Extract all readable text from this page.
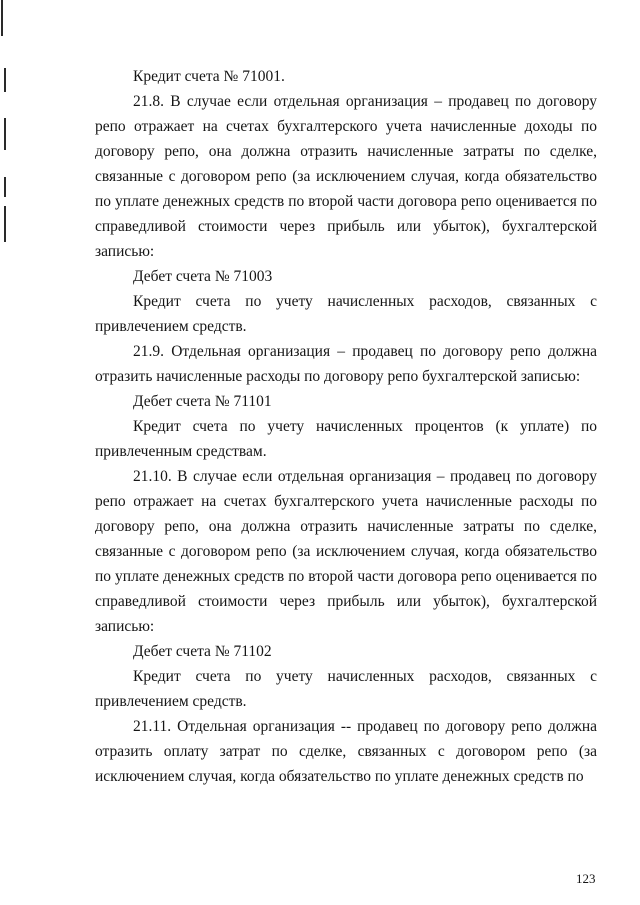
Кредит счета № 71001.

21.8. В случае если отдельная организация – продавец по договору репо отражает на счетах бухгалтерского учета начисленные доходы по договору репо, она должна отразить начисленные затраты по сделке, связанные с договором репо (за исключением случая, когда обязательство по уплате денежных средств по второй части договора репо оценивается по справедливой стоимости через прибыль или убыток), бухгалтерской записью:

Дебет счета № 71003

Кредит счета по учету начисленных расходов, связанных с привлечением средств.

21.9. Отдельная организация – продавец по договору репо должна отразить начисленные расходы по договору репо бухгалтерской записью:

Дебет счета № 71101

Кредит счета по учету начисленных процентов (к уплате) по привлеченным средствам.

21.10. В случае если отдельная организация – продавец по договору репо отражает на счетах бухгалтерского учета начисленные расходы по договору репо, она должна отразить начисленные затраты по сделке, связанные с договором репо (за исключением случая, когда обязательство по уплате денежных средств по второй части договора репо оценивается по справедливой стоимости через прибыль или убыток), бухгалтерской записью:

Дебет счета № 71102

Кредит счета по учету начисленных расходов, связанных с привлечением средств.

21.11. Отдельная организация -- продавец по договору репо должна отразить оплату затрат по сделке, связанных с договором репо (за исключением случая, когда обязательство по уплате денежных средств по

123
